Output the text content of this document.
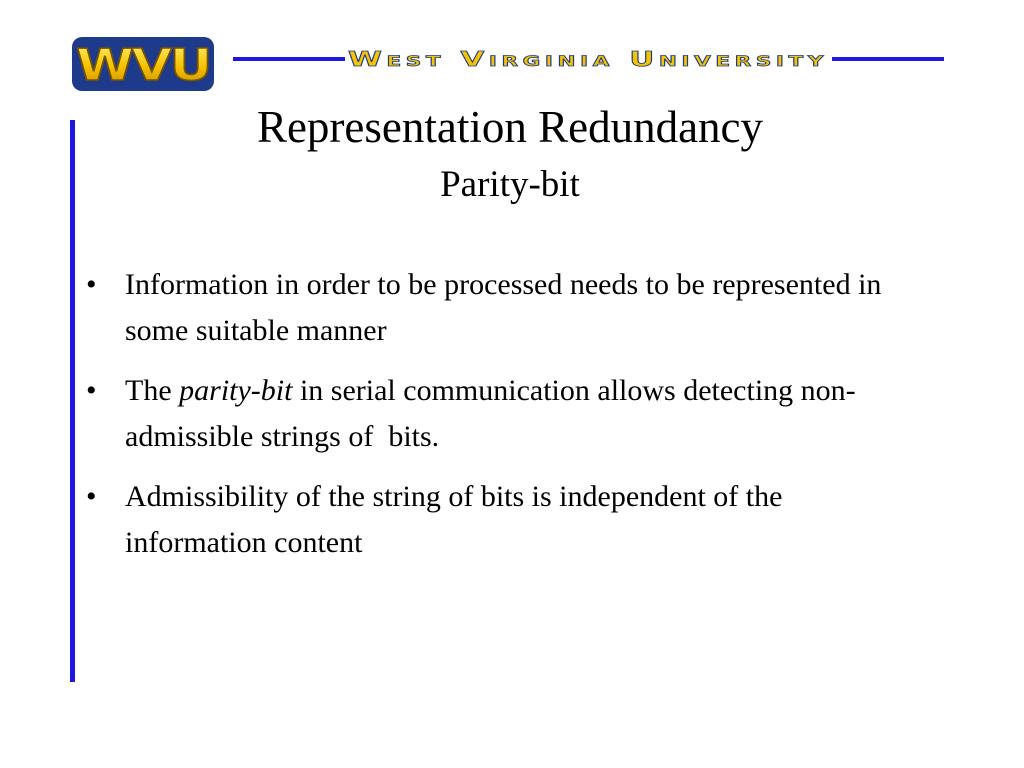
WVU	West Virginia University
Representation Redundancy
Parity-bit
• Information in order to be processed needs to be represented in some suitable manner
• The parity-bit in serial communication allows detecting non-admissible strings of  bits.
• Admissibility of the string of bits is independent of the information content
